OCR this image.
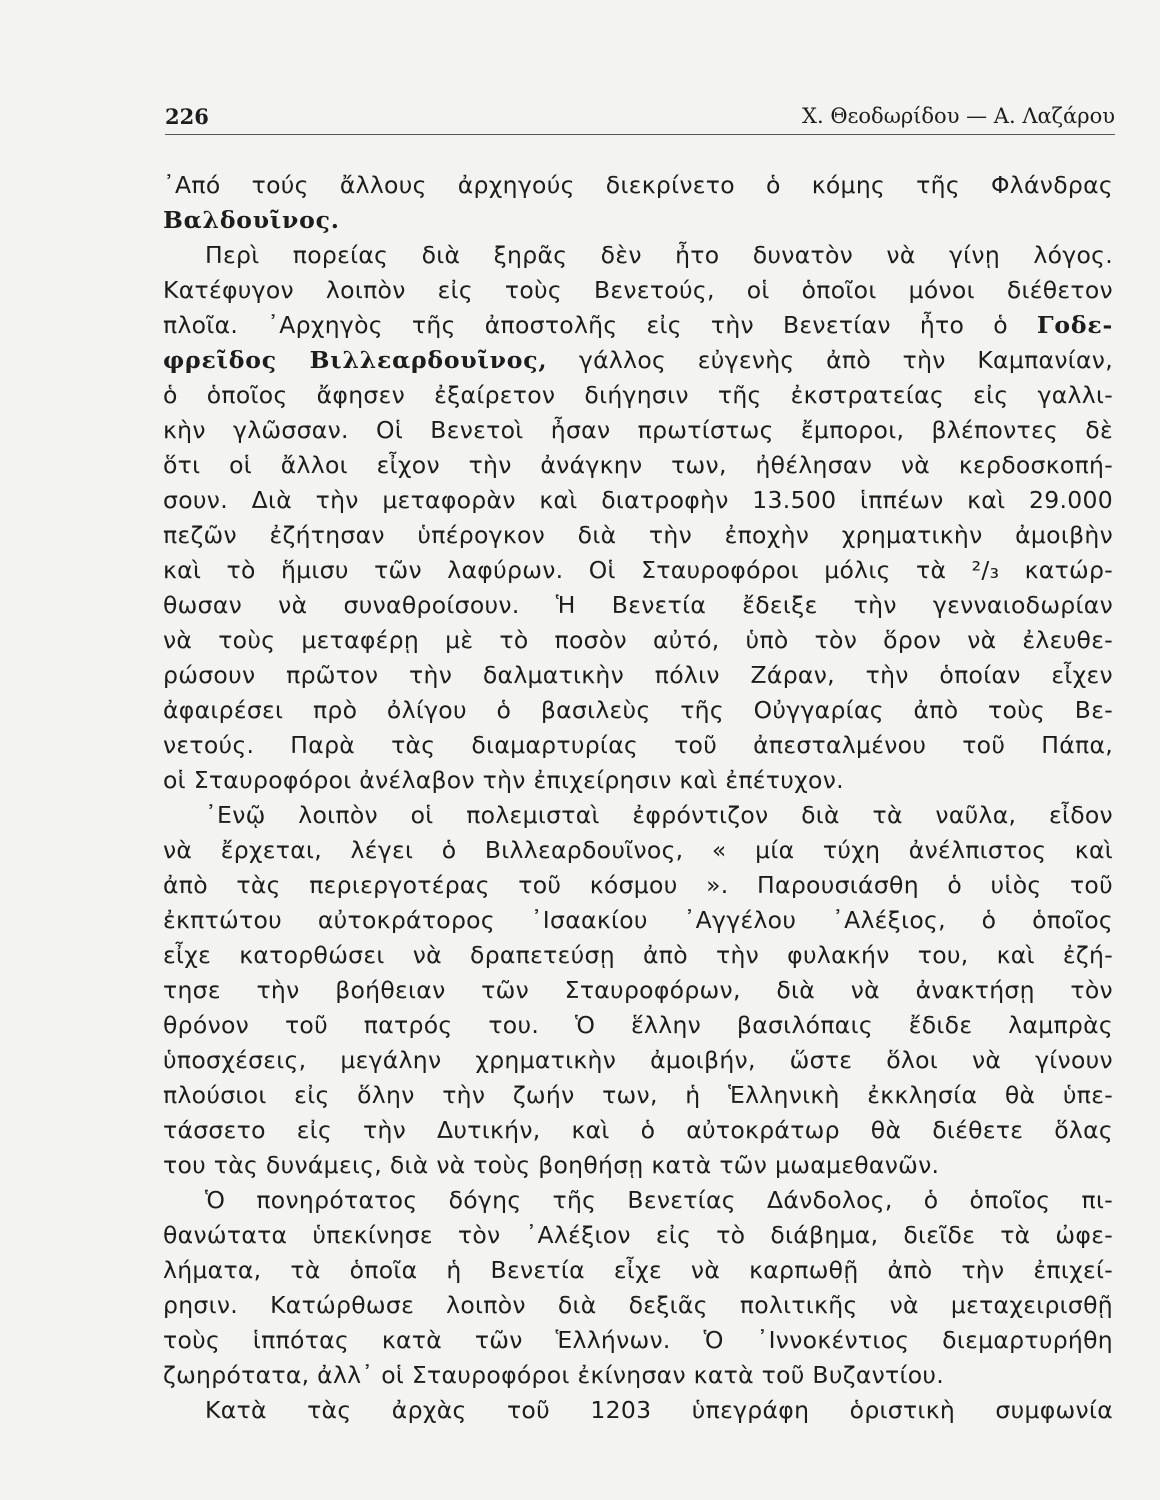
226	Χ. Θεοδωρίδου — Α. Λαζάρου
᾿Από τούς ἄλλους ἀρχηγούς διεκρίνετο ὁ κόμης τῆς Φλάνδρας
Βαλδουῖνος.
Περὶ πορείας διὰ ξηρᾶς δὲν ἦτο δυνατὸν νὰ γίνῃ λόγος.
Κατέφυγον λοιπὸν εἰς τοὺς Βενετούς, οἱ ὁποῖοι μόνοι διέθετον
πλοῖα. ᾿Αρχηγὸς τῆς ἀποστολῆς εἰς τὴν Βενετίαν ἦτο ὁ Γοδε-
φρεῖδος Βιλλεαρδουῖνος, γάλλος εὐγενὴς ἀπὸ τὴν Καμπανίαν,
ὁ ὁποῖος ἄφησεν ἐξαίρετον διήγησιν τῆς ἐκστρατείας εἰς γαλλι-
κὴν γλῶσσαν. Οἱ Βενετοὶ ἦσαν πρωτίστως ἔμποροι, βλέποντες δὲ
ὅτι οἱ ἄλλοι εἶχον τὴν ἀνάγκην των, ἠθέλησαν νὰ κερδοσκοπή-
σουν. Διὰ τὴν μεταφορὰν καὶ διατροφὴν 13.500 ἱππέων καὶ 29.000
πεζῶν ἐζήτησαν ὑπέρογκον διὰ τὴν ἐποχὴν χρηματικὴν ἀμοιβὴν
καὶ τὸ ἥμισυ τῶν λαφύρων. Οἱ Σταυροφόροι μόλις τὰ ²/₃ κατώρ-
θωσαν νὰ συναθροίσουν. Ἡ Βενετία ἔδειξε τὴν γενναιοδωρίαν
νὰ τοὺς μεταφέρῃ μὲ τὸ ποσὸν αὐτό, ὑπὸ τὸν ὅρον νὰ ἐλευθε-
ρώσουν πρῶτον τὴν δαλματικὴν πόλιν Ζάραν, τὴν ὁποίαν εἶχεν
ἀφαιρέσει πρὸ ὀλίγου ὁ βασιλεὺς τῆς Οὐγγαρίας ἀπὸ τοὺς Βε-
νετούς. Παρὰ τὰς διαμαρτυρίας τοῦ ἀπεσταλμένου τοῦ Πάπα,
οἱ Σταυροφόροι ἀνέλαβον τὴν ἐπιχείρησιν καὶ ἐπέτυχον.
᾿Ενῷ λοιπὸν οἱ πολεμισταὶ ἐφρόντιζον διὰ τὰ ναῦλα, εἶδον
νὰ ἔρχεται, λέγει ὁ Βιλλεαρδουῖνος, « μία τύχη ἀνέλπιστος καὶ
ἀπὸ τὰς περιεργοτέρας τοῦ κόσμου ». Παρουσιάσθη ὁ υἱὸς τοῦ
ἐκπτώτου αὐτοκράτορος ᾿Ισαακίου ᾿Αγγέλου ᾿Αλέξιος, ὁ ὁποῖος
εἶχε κατορθώσει νὰ δραπετεύσῃ ἀπὸ τὴν φυλακήν του, καὶ ἐζή-
τησε τὴν βοήθειαν τῶν Σταυροφόρων, διὰ νὰ ἀνακτήσῃ τὸν
θρόνον τοῦ πατρός του. Ὁ ἕλλην βασιλόπαις ἔδιδε λαμπρὰς
ὑποσχέσεις, μεγάλην χρηματικὴν ἀμοιβήν, ὥστε ὅλοι νὰ γίνουν
πλούσιοι εἰς ὅλην τὴν ζωήν των, ἡ Ἑλληνικὴ ἐκκλησία θὰ ὑπε-
τάσσετο εἰς τὴν Δυτικήν, καὶ ὁ αὐτοκράτωρ θὰ διέθετε ὅλας
του τὰς δυνάμεις, διὰ νὰ τοὺς βοηθήσῃ κατὰ τῶν μωαμεθανῶν.
Ὁ πονηρότατος δόγης τῆς Βενετίας Δάνδολος, ὁ ὁποῖος πι-
θανώτατα ὑπεκίνησε τὸν ᾿Αλέξιον εἰς τὸ διάβημα, διεῖδε τὰ ὠφε-
λήματα, τὰ ὁποῖα ἡ Βενετία εἶχε νὰ καρπωθῇ ἀπὸ τὴν ἐπιχεί-
ρησιν. Κατώρθωσε λοιπὸν διὰ δεξιᾶς πολιτικῆς νὰ μεταχειρισθῇ
τοὺς ἱππότας κατὰ τῶν Ἑλλήνων. Ὁ ᾿Ιννοκέντιος διεμαρτυρήθη
ζωηρότατα, ἀλλ᾿ οἱ Σταυροφόροι ἐκίνησαν κατὰ τοῦ Βυζαντίου.
Κατὰ τὰς ἀρχὰς τοῦ 1203 ὑπεγράφη ὁριστικὴ συμφωνία
